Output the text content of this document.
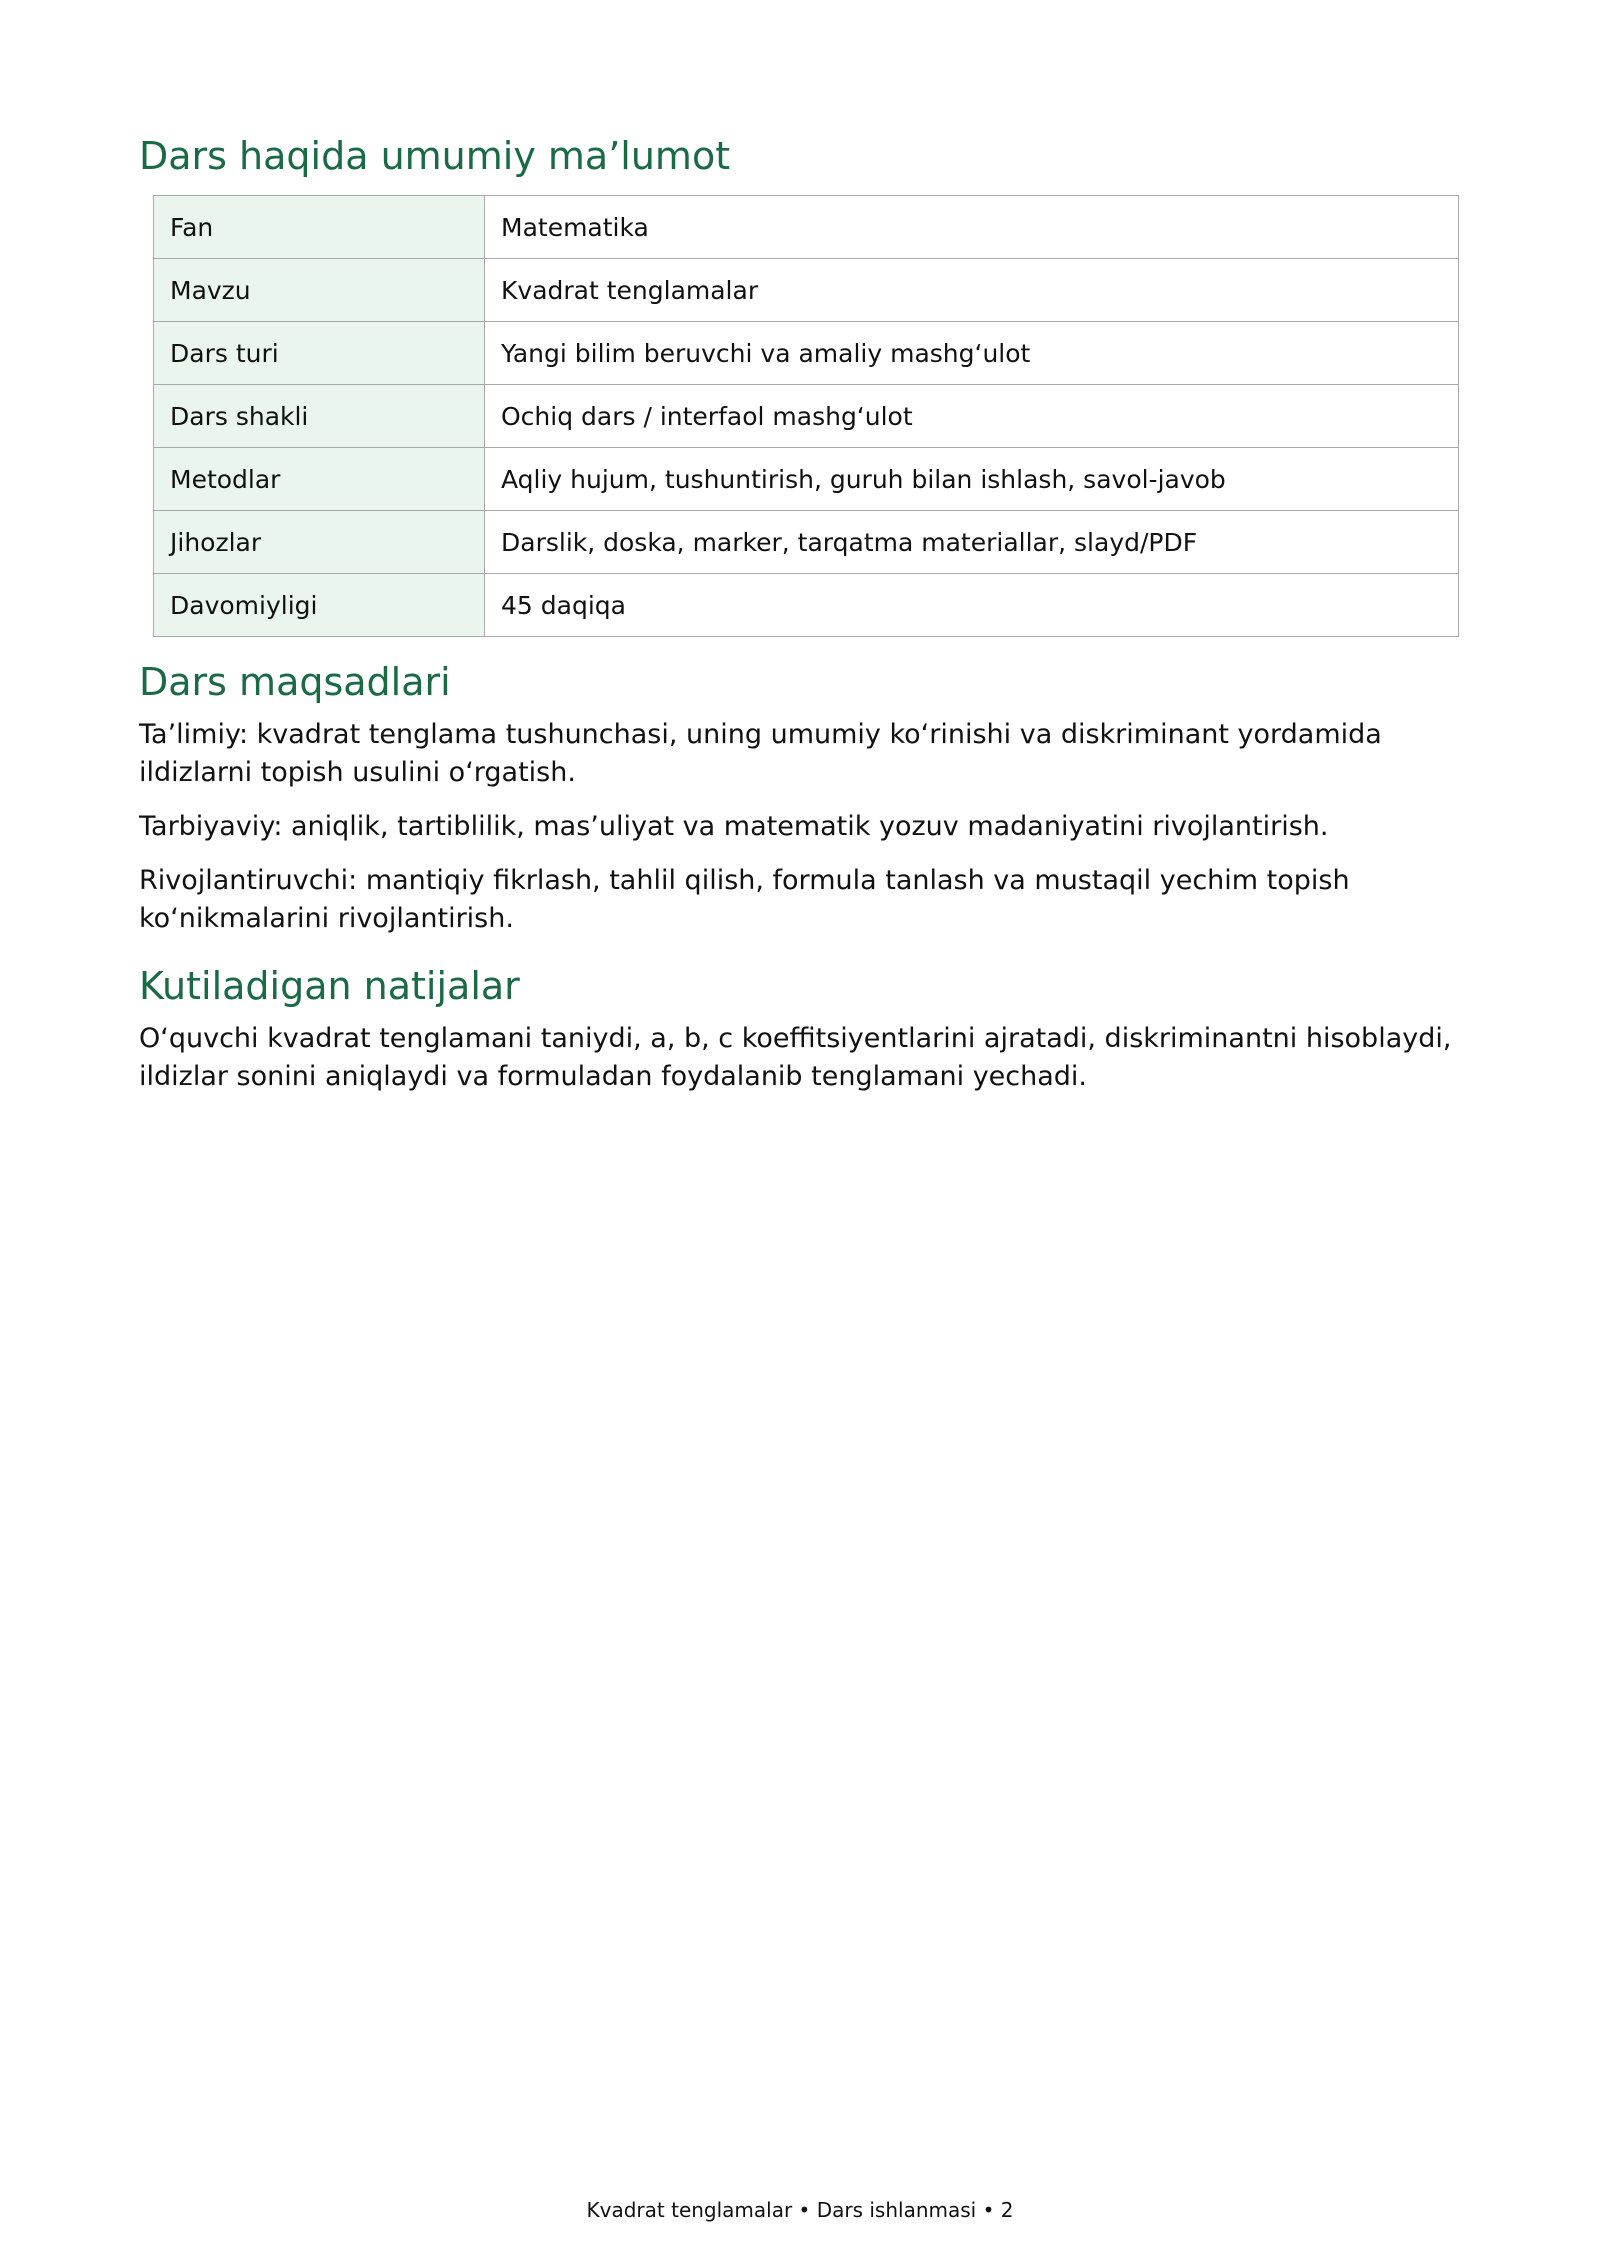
Dars haqida umumiy ma’lumot
Fan	Matematika
Mavzu	Kvadrat tenglamalar
Dars turi	Yangi bilim beruvchi va amaliy mashg‘ulot
Dars shakli	Ochiq dars / interfaol mashg‘ulot
Metodlar	Aqliy hujum, tushuntirish, guruh bilan ishlash, savol-javob
Jihozlar	Darslik, doska, marker, tarqatma materiallar, slayd/PDF
Davomiyligi	45 daqiqa
Dars maqsadlari

Ta’limiy: kvadrat tenglama tushunchasi, uning umumiy ko‘rinishi va diskriminant yordamida ildizlarni topish usulini o‘rgatish.

Tarbiyaviy: aniqlik, tartiblilik, mas’uliyat va matematik yozuv madaniyatini rivojlantirish.

Rivojlantiruvchi: mantiqiy fikrlash, tahlil qilish, formula tanlash va mustaqil yechim topish ko‘nikmalarini rivojlantirish.

Kutiladigan natijalar

O‘quvchi kvadrat tenglamani taniydi, a, b, c koeffitsiyentlarini ajratadi, diskriminantni hisoblaydi, ildizlar sonini aniqlaydi va formuladan foydalanib tenglamani yechadi.

Kvadrat tenglamalar • Dars ishlanmasi • 2
